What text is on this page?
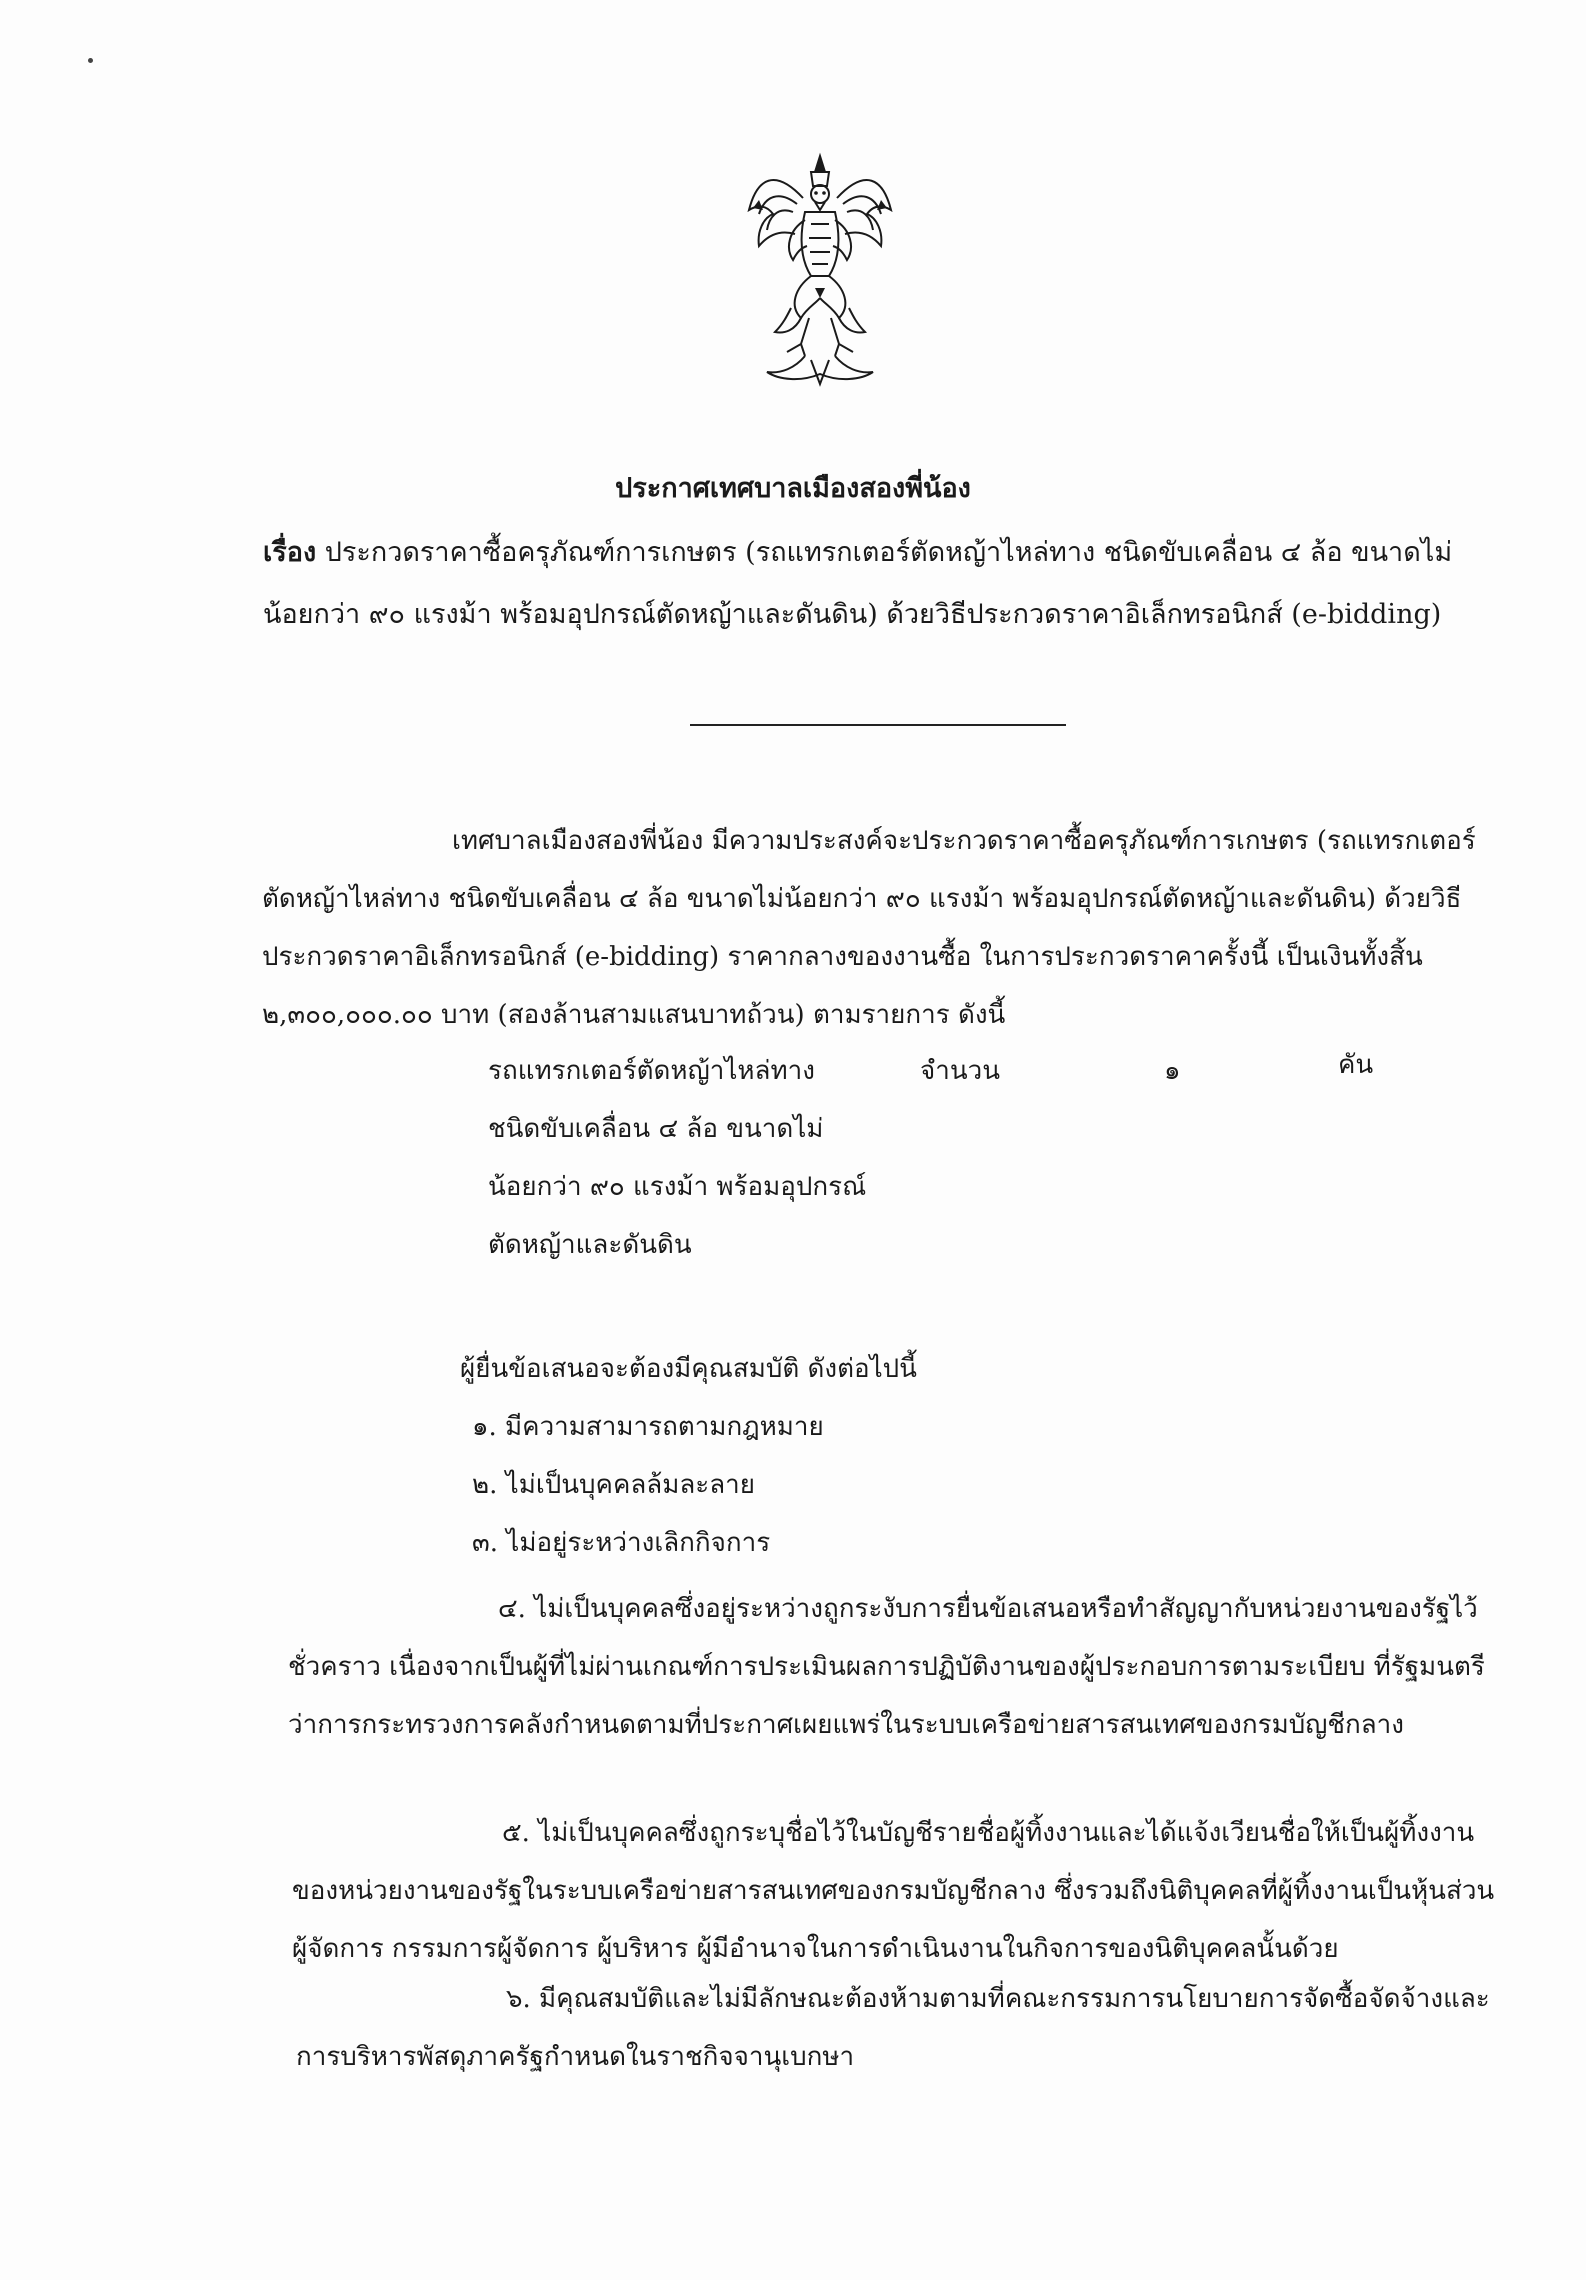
ประกาศเทศบาลเมืองสองพี่น้อง
เรื่อง ประกวดราคาซื้อครุภัณฑ์การเกษตร (รถแทรกเตอร์ตัดหญ้าไหล่ทาง ชนิดขับเคลื่อน ๔ ล้อ ขนาดไม่น้อยกว่า ๙๐ แรงม้า พร้อมอุปกรณ์ตัดหญ้าและดันดิน) ด้วยวิธีประกวดราคาอิเล็กทรอนิกส์ (e-bidding)
เทศบาลเมืองสองพี่น้อง มีความประสงค์จะประกวดราคาซื้อครุภัณฑ์การเกษตร (รถแทรกเตอร์ตัดหญ้าไหล่ทาง ชนิดขับเคลื่อน ๔ ล้อ ขนาดไม่น้อยกว่า ๙๐ แรงม้า พร้อมอุปกรณ์ตัดหญ้าและดันดิน) ด้วยวิธีประกวดราคาอิเล็กทรอนิกส์ (e-bidding) ราคากลางของงานซื้อ ในการประกวดราคาครั้งนี้ เป็นเงินทั้งสิ้น ๒,๓๐๐,๐๐๐.๐๐ บาท (สองล้านสามแสนบาทถ้วน) ตามรายการ ดังนี้
รถแทรกเตอร์ตัดหญ้าไหล่ทาง ชนิดขับเคลื่อน ๔ ล้อ ขนาดไม่น้อยกว่า ๙๐ แรงม้า พร้อมอุปกรณ์ตัดหญ้าและดันดิน
จำนวน	๑	คัน
ผู้ยื่นข้อเสนอจะต้องมีคุณสมบัติ ดังต่อไปนี้
๑. มีความสามารถตามกฎหมาย
๒. ไม่เป็นบุคคลล้มละลาย
๓. ไม่อยู่ระหว่างเลิกกิจการ
๔. ไม่เป็นบุคคลซึ่งอยู่ระหว่างถูกระงับการยื่นข้อเสนอหรือทำสัญญากับหน่วยงานของรัฐไว้ชั่วคราว เนื่องจากเป็นผู้ที่ไม่ผ่านเกณฑ์การประเมินผลการปฏิบัติงานของผู้ประกอบการตามระเบียบ ที่รัฐมนตรีว่าการกระทรวงการคลังกำหนดตามที่ประกาศเผยแพร่ในระบบเครือข่ายสารสนเทศของกรมบัญชีกลาง
๕. ไม่เป็นบุคคลซึ่งถูกระบุชื่อไว้ในบัญชีรายชื่อผู้ทิ้งงานและได้แจ้งเวียนชื่อให้เป็นผู้ทิ้งงานของหน่วยงานของรัฐในระบบเครือข่ายสารสนเทศของกรมบัญชีกลาง ซึ่งรวมถึงนิติบุคคลที่ผู้ทิ้งงานเป็นหุ้นส่วนผู้จัดการ กรรมการผู้จัดการ ผู้บริหาร ผู้มีอำนาจในการดำเนินงานในกิจการของนิติบุคคลนั้นด้วย
๖. มีคุณสมบัติและไม่มีลักษณะต้องห้ามตามที่คณะกรรมการนโยบายการจัดซื้อจัดจ้างและการบริหารพัสดุภาครัฐกำหนดในราชกิจจานุเบกษา
